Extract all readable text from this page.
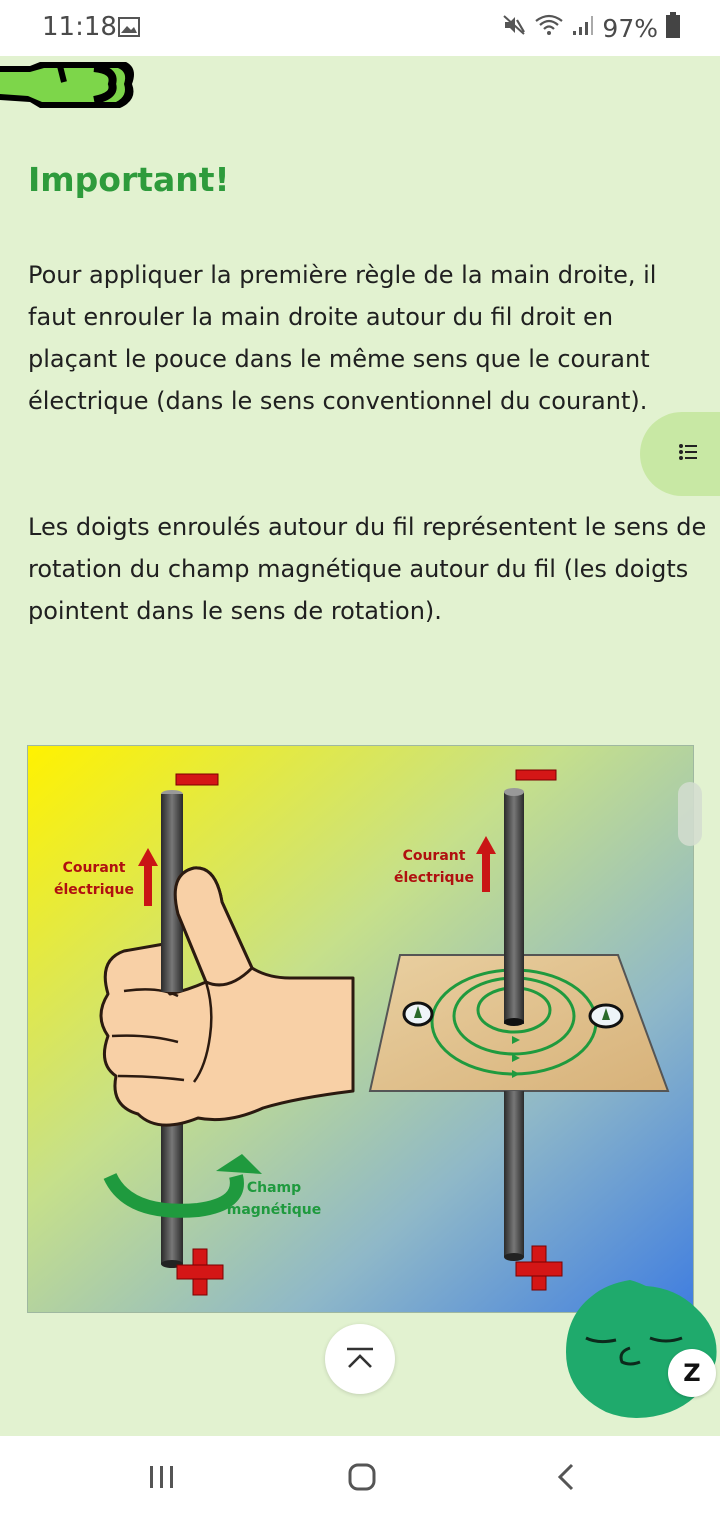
11:18	97%
Important!

Pour appliquer la première règle de la main droite, il faut enrouler la main droite autour du fil droit en plaçant le pouce dans le même sens que le courant électrique (dans le sens conventionnel du courant).

Les doigts enroulés autour du fil représentent le sens de rotation du champ magnétique autour du fil (les doigts pointent dans le sens de rotation).

Courant
électrique
Champ
magnétique
Courant
électrique
Z
